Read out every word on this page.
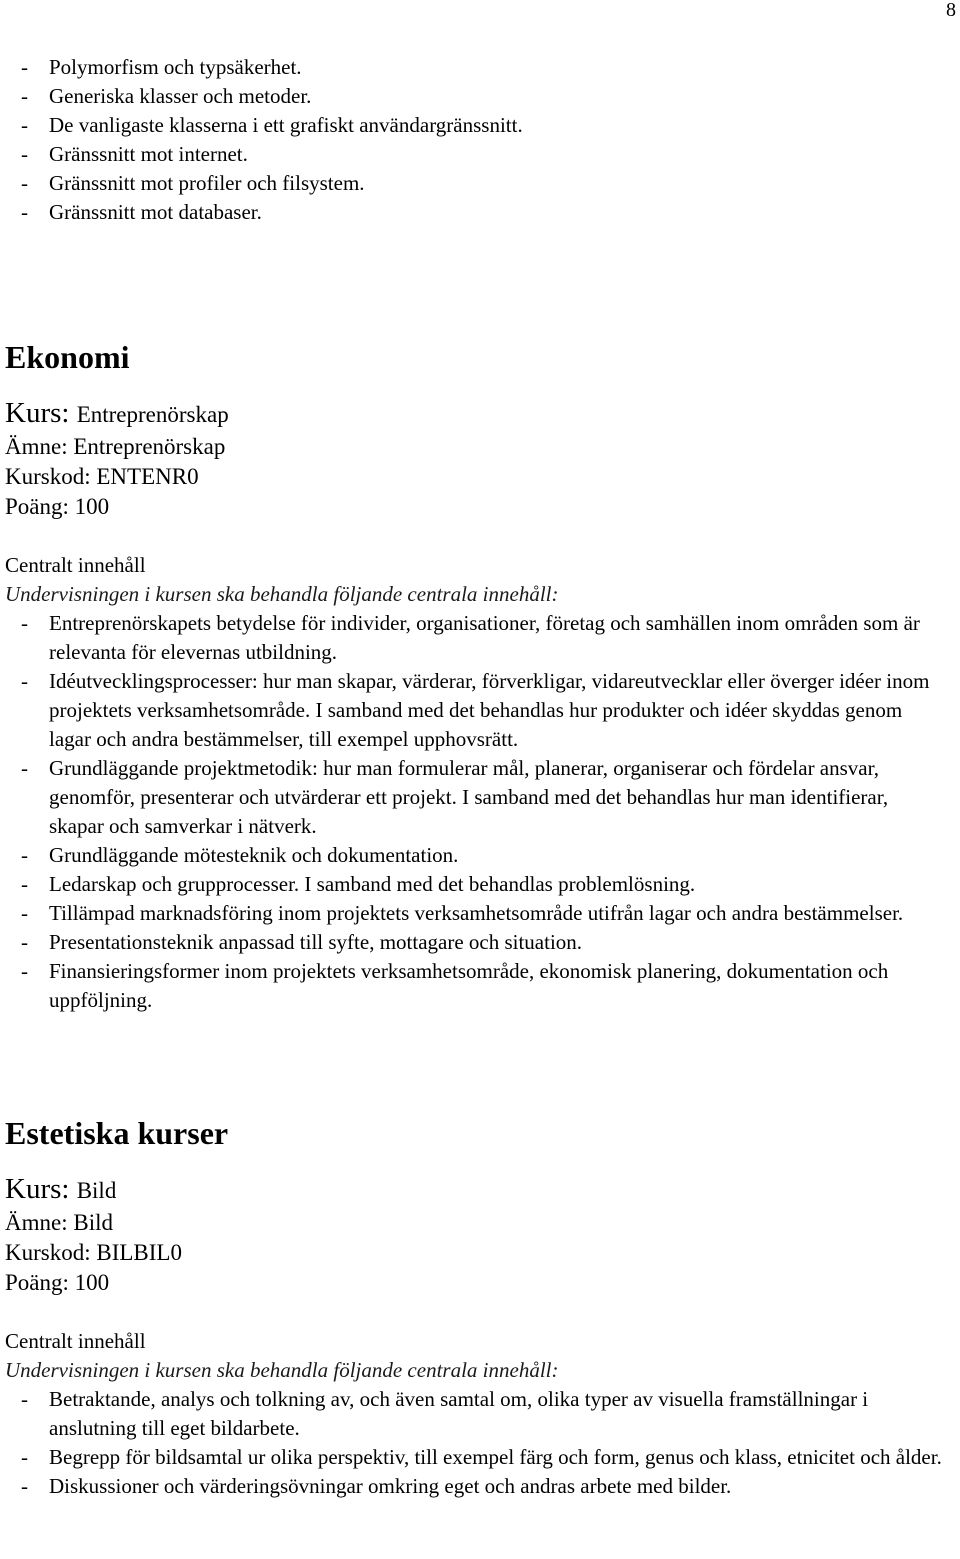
8
-	Polymorfism och typsäkerhet.
-	Generiska klasser och metoder.
-	De vanligaste klasserna i ett grafiskt användargränssnitt.
-	Gränssnitt mot internet.
-	Gränssnitt mot profiler och filsystem.
-	Gränssnitt mot databaser.
Ekonomi
Kurs: Entreprenörskap
Ämne: Entreprenörskap
Kurskod: ENTENR0
Poäng: 100
Centralt innehåll
Undervisningen i kursen ska behandla följande centrala innehåll:
-	Entreprenörskapets betydelse för individer, organisationer, företag och samhällen inom områden som är relevanta för elevernas utbildning.
-	Idéutvecklingsprocesser: hur man skapar, värderar, förverkligar, vidareutvecklar eller överger idéer inom projektets verksamhetsområde. I samband med det behandlas hur produkter och idéer skyddas genom lagar och andra bestämmelser, till exempel upphovsrätt.
-	Grundläggande projektmetodik: hur man formulerar mål, planerar, organiserar och fördelar ansvar, genomför, presenterar och utvärderar ett projekt. I samband med det behandlas hur man identifierar, skapar och samverkar i nätverk.
-	Grundläggande mötesteknik och dokumentation.
-	Ledarskap och grupprocesser. I samband med det behandlas problemlösning.
-	Tillämpad marknadsföring inom projektets verksamhetsområde utifrån lagar och andra bestämmelser.
-	Presentationsteknik anpassad till syfte, mottagare och situation.
-	Finansieringsformer inom projektets verksamhetsområde, ekonomisk planering, dokumentation och uppföljning.
Estetiska kurser
Kurs: Bild
Ämne: Bild
Kurskod: BILBIL0
Poäng: 100
Centralt innehåll
Undervisningen i kursen ska behandla följande centrala innehåll:
-	Betraktande, analys och tolkning av, och även samtal om, olika typer av visuella framställningar i anslutning till eget bildarbete.
-	Begrepp för bildsamtal ur olika perspektiv, till exempel färg och form, genus och klass, etnicitet och ålder.
-	Diskussioner och värderingsövningar omkring eget och andras arbete med bilder.
